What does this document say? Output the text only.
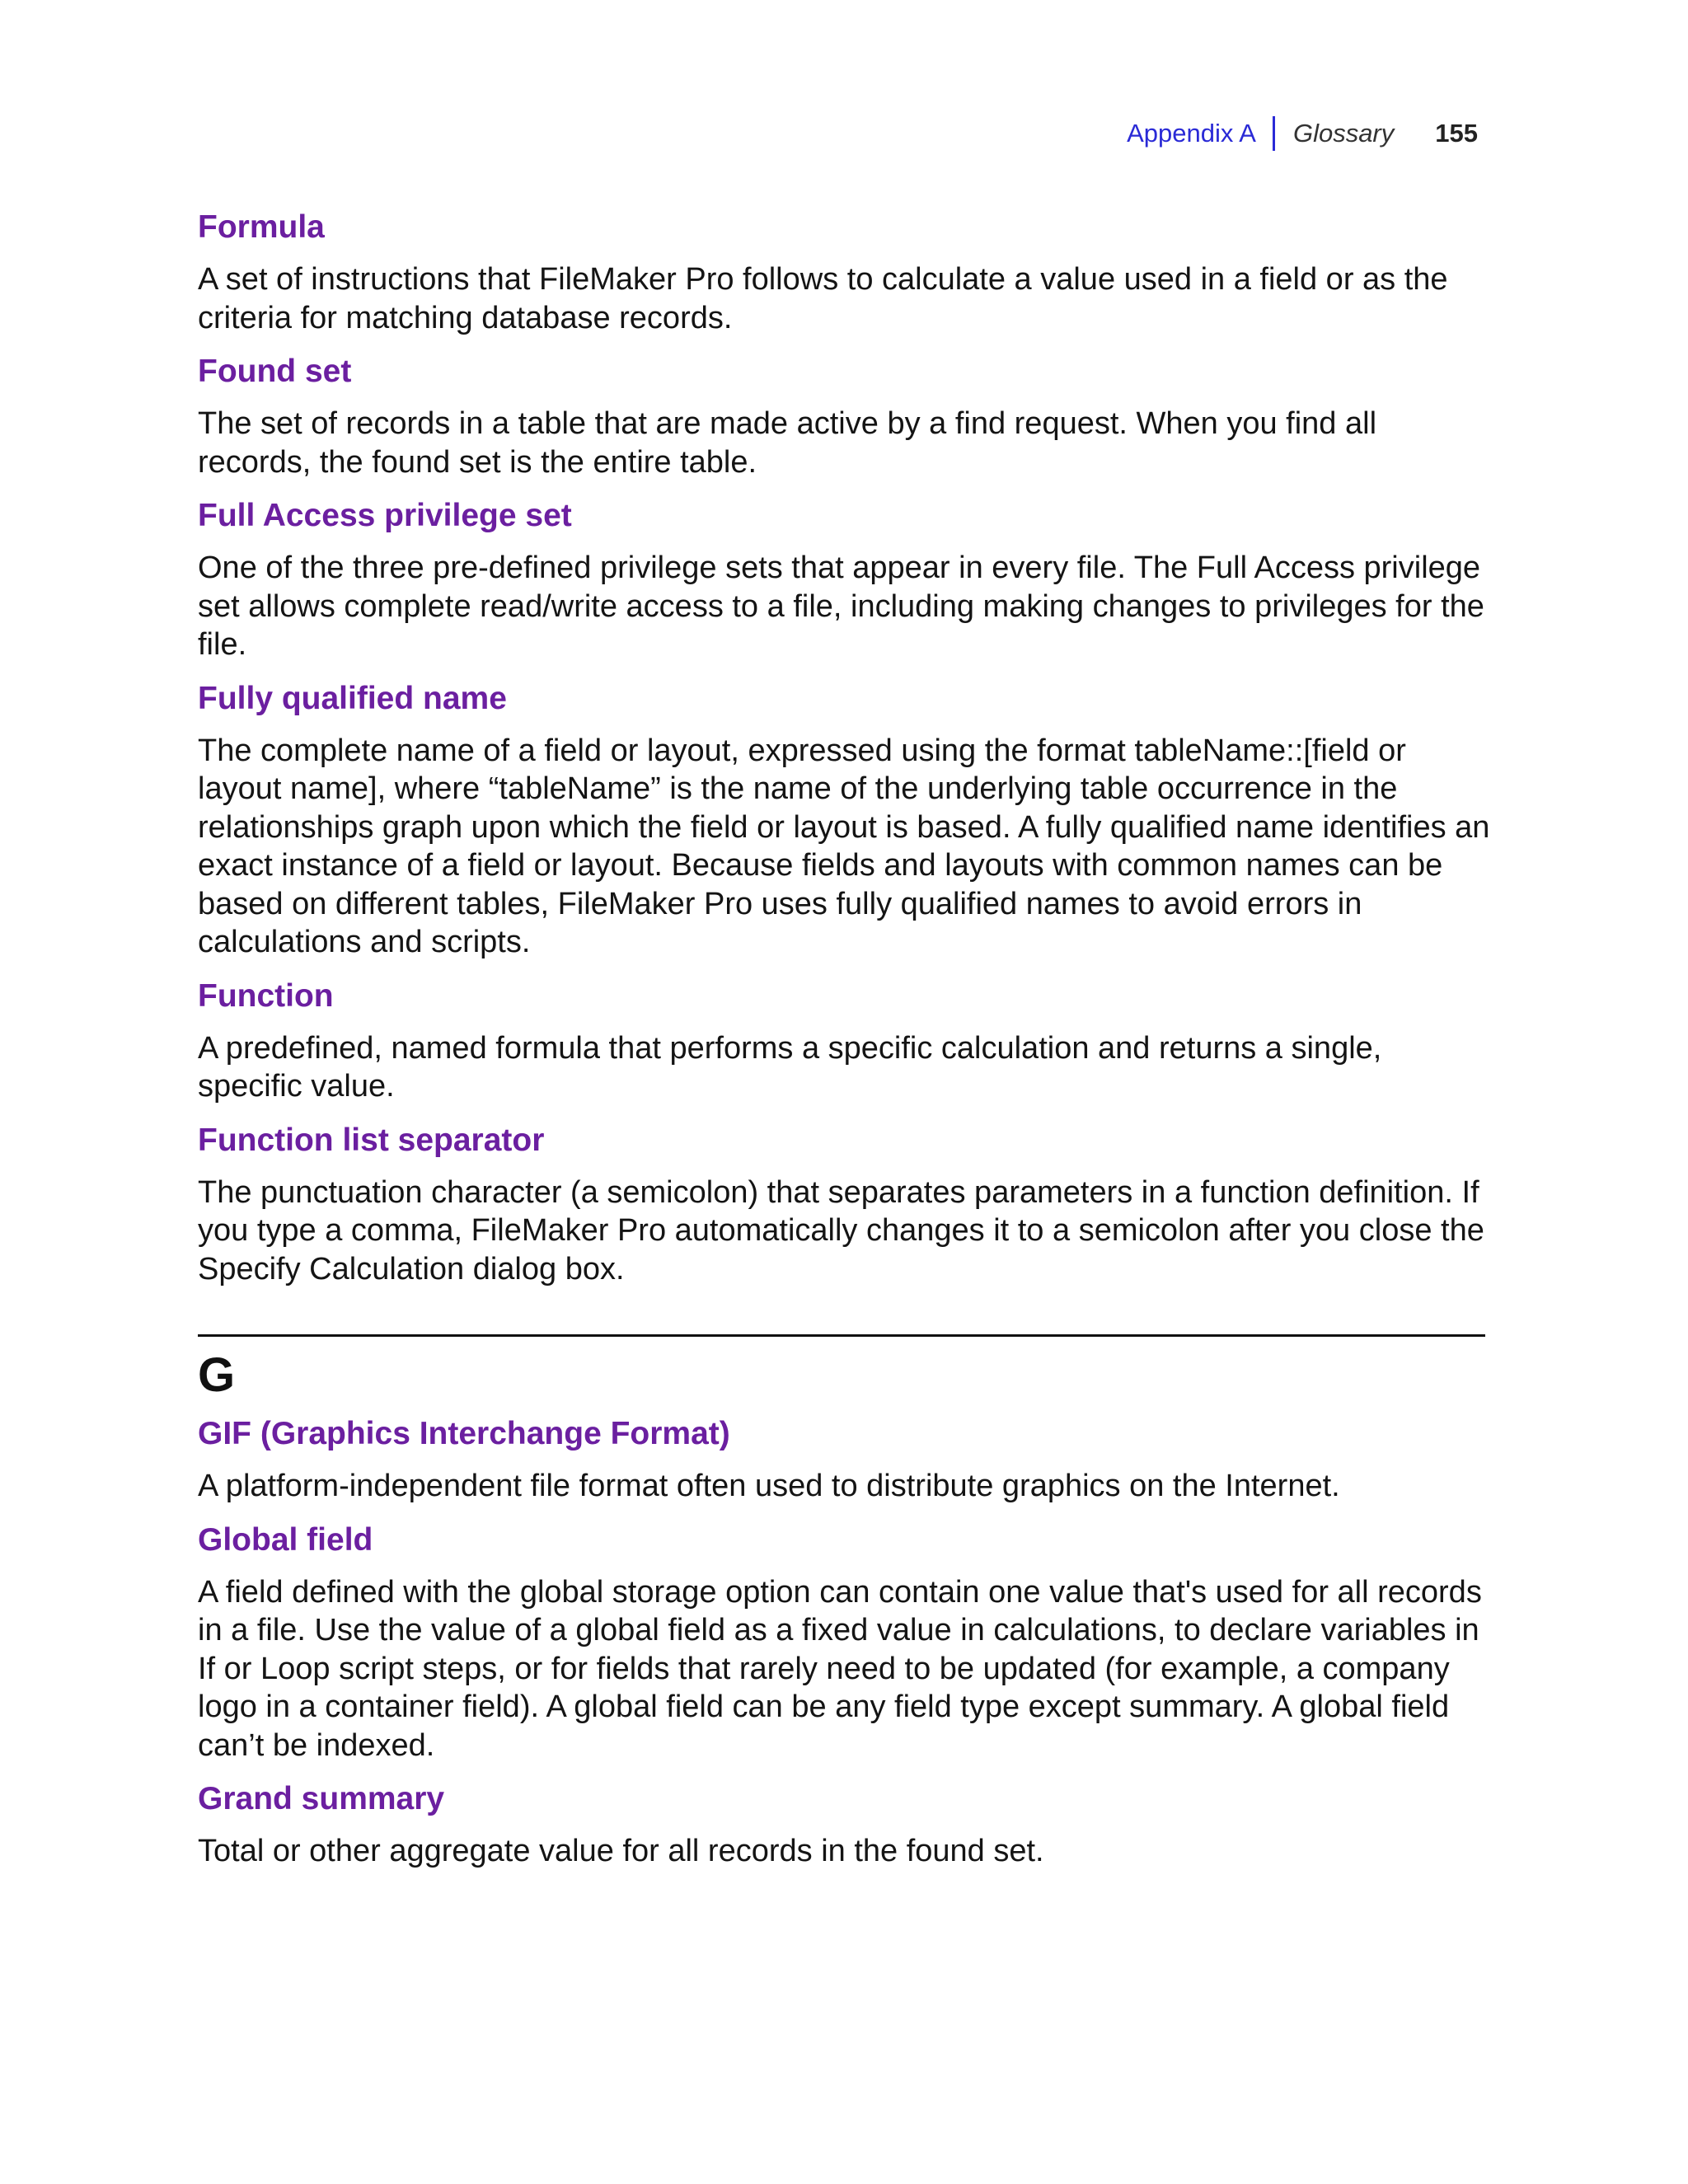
Appendix A Glossary 155
Formula
A set of instructions that FileMaker Pro follows to calculate a value used in a field or as the criteria for matching database records.
Found set
The set of records in a table that are made active by a find request. When you find all records, the found set is the entire table.
Full Access privilege set
One of the three pre-defined privilege sets that appear in every file. The Full Access privilege set allows complete read/write access to a file, including making changes to privileges for the file.
Fully qualified name
The complete name of a field or layout, expressed using the format tableName::[field or layout name], where “tableName” is the name of the underlying table occurrence in the relationships graph upon which the field or layout is based. A fully qualified name identifies an exact instance of a field or layout. Because fields and layouts with common names can be based on different tables, FileMaker Pro uses fully qualified names to avoid errors in calculations and scripts.
Function
A predefined, named formula that performs a specific calculation and returns a single, specific value.
Function list separator
The punctuation character (a semicolon) that separates parameters in a function definition. If you type a comma, FileMaker Pro automatically changes it to a semicolon after you close the Specify Calculation dialog box.
G
GIF (Graphics Interchange Format)
A platform-independent file format often used to distribute graphics on the Internet.
Global field
A field defined with the global storage option can contain one value that's used for all records in a file. Use the value of a global field as a fixed value in calculations, to declare variables in If or Loop script steps, or for fields that rarely need to be updated (for example, a company logo in a container field). A global field can be any field type except summary. A global field can’t be indexed.
Grand summary
Total or other aggregate value for all records in the found set.
